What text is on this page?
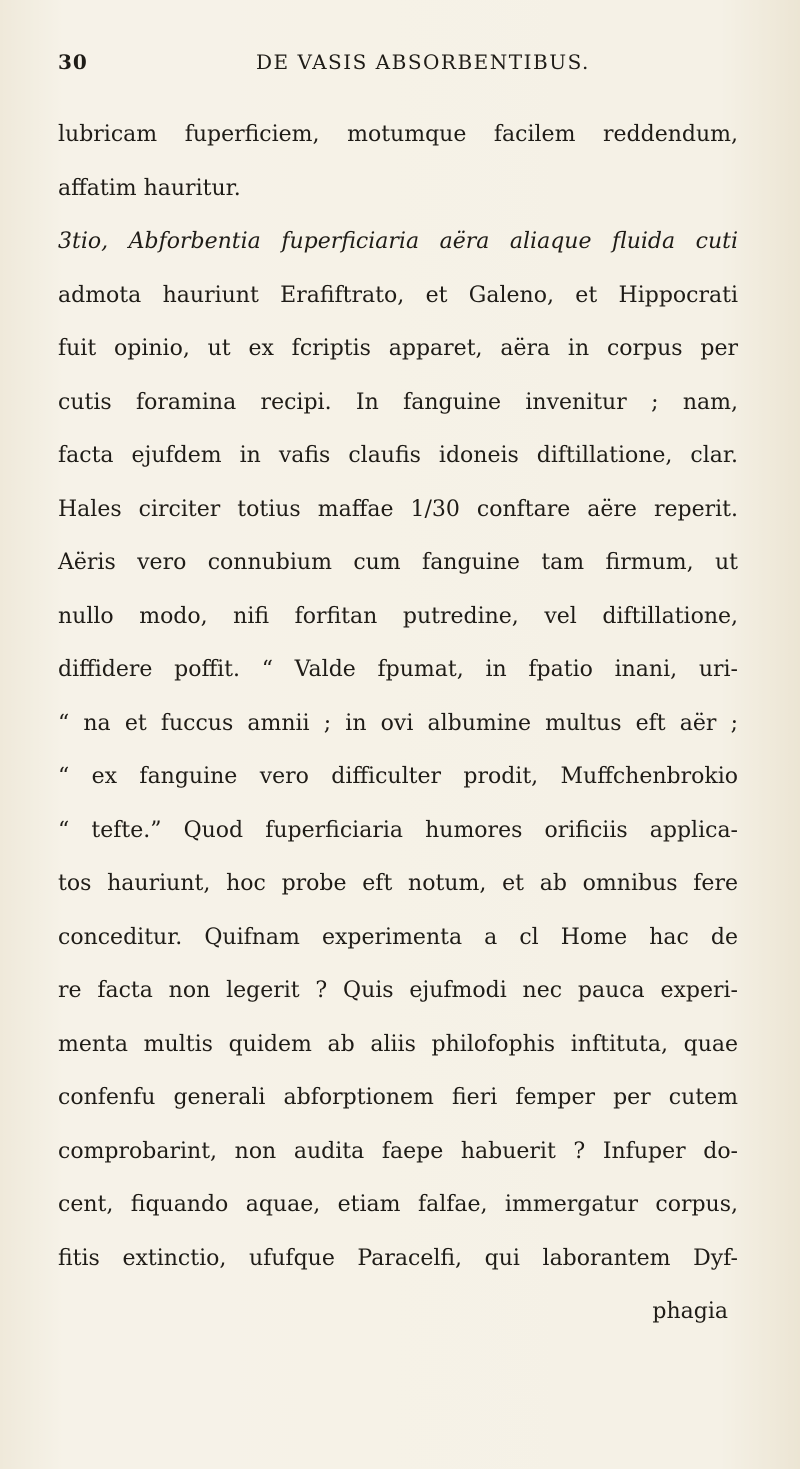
30	DE VASIS ABSORBENTIBUS.
lubricam fuperficiem, motumque facilem reddendum,
affatim hauritur.
3tio, Abforbentia fuperficiaria aëra aliaque fluida cuti
admota hauriunt Erafiftrato, et Galeno, et Hippocrati
fuit opinio, ut ex fcriptis apparet, aëra in corpus per
cutis foramina recipi. In fanguine invenitur ; nam,
facta ejufdem in vafis claufis idoneis diftillatione, clar.
Hales circiter totius maffae 1/30 conftare aëre reperit.
Aëris vero connubium cum fanguine tam firmum, ut
nullo modo, nifi forfitan putredine, vel diftillatione,
diffidere poffit. “ Valde fpumat, in fpatio inani, uri-
“ na et fuccus amnii ; in ovi albumine multus eft aër ;
“ ex fanguine vero difficulter prodit, Muffchenbrokio
“ tefte.” Quod fuperficiaria humores orificiis applica-
tos hauriunt, hoc probe eft notum, et ab omnibus fere
conceditur. Quifnam experimenta a cl Home hac de
re facta non legerit ? Quis ejufmodi nec pauca experi-
menta multis quidem ab aliis philofophis inftituta, quae
confenfu generali abforptionem fieri femper per cutem
comprobarint, non audita faepe habuerit ? Infuper do-
cent, fiquando aquae, etiam falfae, immergatur corpus,
fitis extinctio, ufufque Paracelfi, qui laborantem Dyf-
phagia
